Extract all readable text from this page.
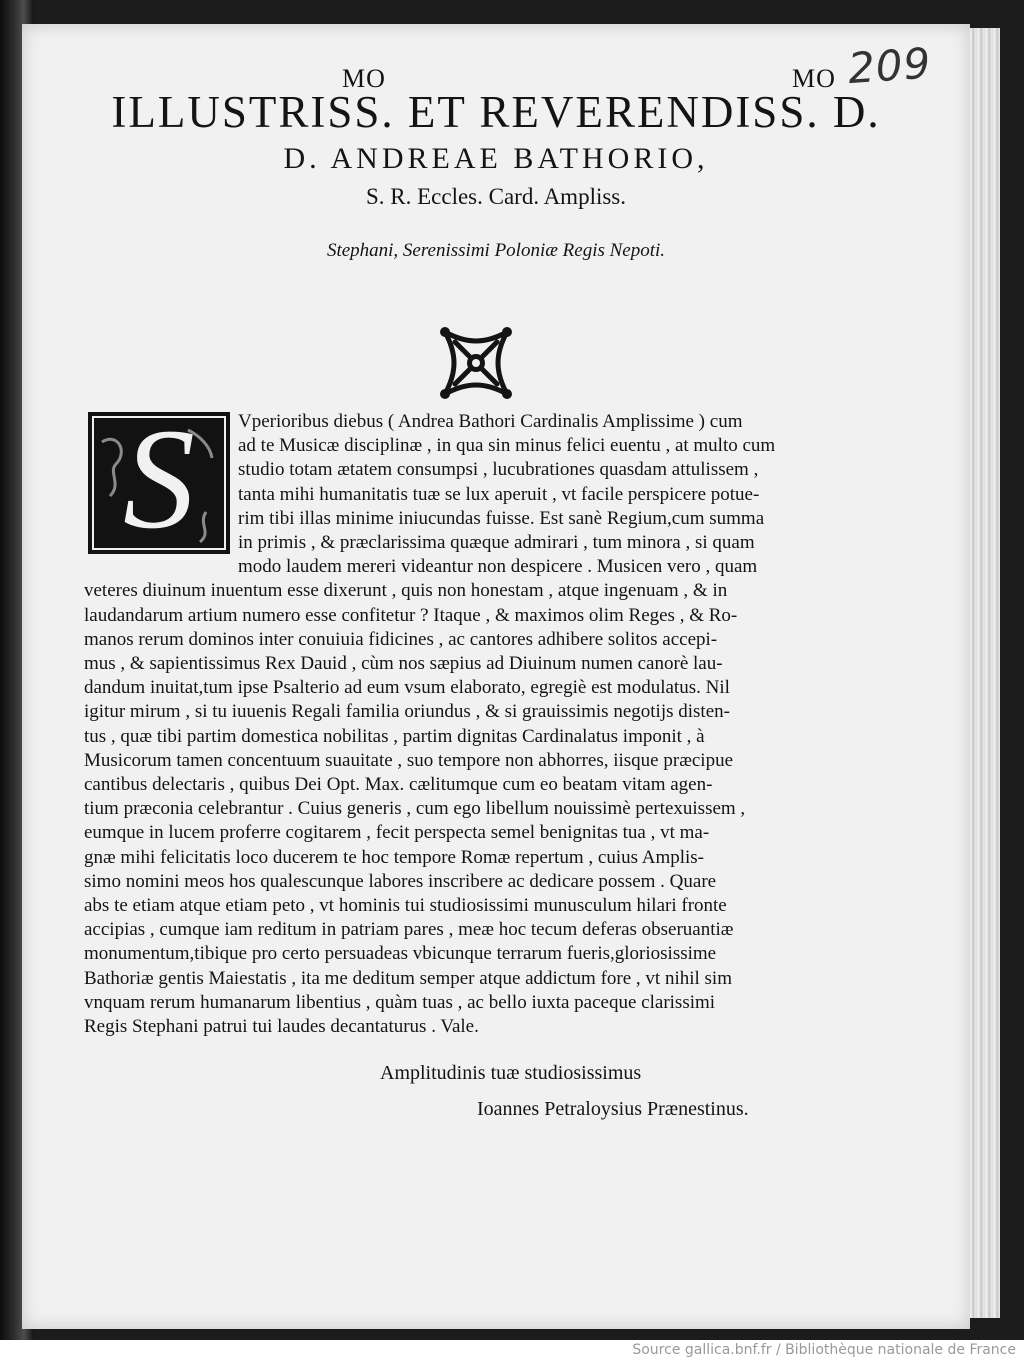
209
MO	MO
ILLUSTRISS. ET REVERENDISS. D.
D. ANDREAE BATHORIO,
S. R. Eccles. Card. Ampliss.
Stephani, Serenissimi Poloniæ Regis Nepoti.
S	Vperioribus diebus ( Andrea Bathori Cardinalis Amplissime ) cum
ad te Musicæ disciplinæ , in qua sin minus felici euentu , at multo cum
studio totam ætatem consumpsi , lucubrationes quasdam attulissem ,
tanta mihi humanitatis tuæ se lux aperuit , vt facile perspicere potue-
rim tibi illas minime iniucundas fuisse. Est sanè Regium,cum summa
in primis , & præclarissima quæque admirari , tum minora , si quam
modo laudem mereri videantur non despicere . Musicen vero , quam
veteres diuinum inuentum esse dixerunt , quis non honestam , atque ingenuam , & in
laudandarum artium numero esse confitetur ? Itaque , & maximos olim Reges , & Ro-
manos rerum dominos inter conuiuia fidicines , ac cantores adhibere solitos accepi-
mus , & sapientissimus Rex Dauid , cùm nos sæpius ad Diuinum numen canorè lau-
dandum inuitat,tum ipse Psalterio ad eum vsum elaborato, egregiè est modulatus. Nil
igitur mirum , si tu iuuenis Regali familia oriundus , & si grauissimis negotijs disten-
tus , quæ tibi partim domestica nobilitas , partim dignitas Cardinalatus imponit , à
Musicorum tamen concentuum suauitate , suo tempore non abhorres, iisque præcipue
cantibus delectaris , quibus Dei Opt. Max. cælitumque cum eo beatam vitam agen-
tium præconia celebrantur . Cuius generis , cum ego libellum nouissimè pertexuissem ,
eumque in lucem proferre cogitarem , fecit perspecta semel benignitas tua , vt ma-
gnæ mihi felicitatis loco ducerem te hoc tempore Romæ repertum , cuius Amplis-
simo nomini meos hos qualescunque labores inscribere ac dedicare possem . Quare
abs te etiam atque etiam peto , vt hominis tui studiosissimi munusculum hilari fronte
accipias , cumque iam reditum in patriam pares , meæ hoc tecum deferas obseruantiæ
monumentum,tibique pro certo persuadeas vbicunque terrarum fueris,gloriosissime
Bathoriæ gentis Maiestatis , ita me deditum semper atque addictum fore , vt nihil sim
vnquam rerum humanarum libentius , quàm tuas , ac bello iuxta paceque clarissimi
Regis Stephani patrui tui laudes decantaturus . Vale.
Amplitudinis tuæ studiosissimus
Ioannes Petraloysius Prænestinus.
Source gallica.bnf.fr / Bibliothèque nationale de France
